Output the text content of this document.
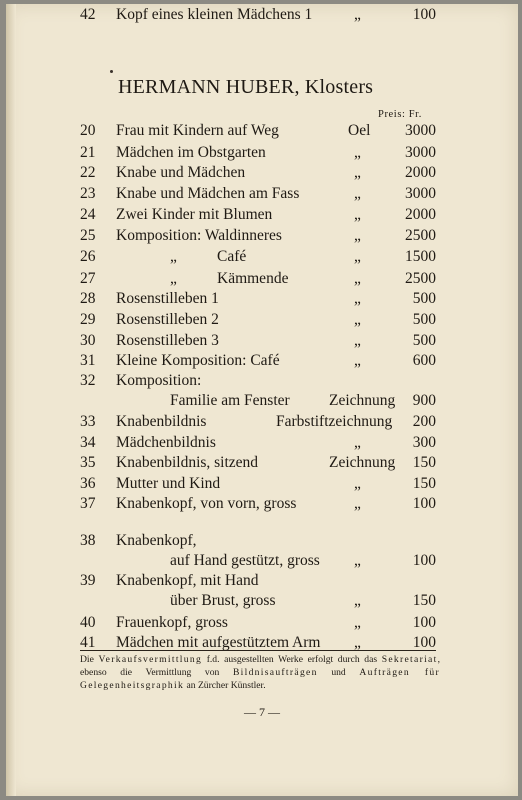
HERMANN HUBER, Klosters
Preis: Fr.
20	Frau mit Kindern auf Weg	Oel 3000
21	Mädchen im Obstgarten	„	3000
22	Knabe und Mädchen	„	2000
23	Knabe und Mädchen am Fass	„	3000
24	Zwei Kinder mit Blumen	„	2000
25	Komposition: Waldinneres	„	2500
26	„	Café	„	1500
27	„	Kämmende	„	2500
28	Rosenstilleben 1	„	500
29	Rosenstilleben 2	„	500
30	Rosenstilleben 3	„	500
31	Kleine Komposition: Café	„	600
32	Komposition:
Familie am Fenster	Zeichnung 900
33	Knabenbildnis	Farbstiftzeichnung 200
34	Mädchenbildnis	„	300
35	Knabenbildnis, sitzend	Zeichnung 150
36	Mutter und Kind	„	150
37	Knabenkopf, von vorn, gross	„	100
38	Knabenkopf,
auf Hand gestützt, gross „	100
39	Knabenkopf, mit Hand
über Brust, gross	„	150
40	Frauenkopf, gross	„	100
41	Mädchen mit aufgestütztem Arm „	100
42	Kopf eines kleinen Mädchens 1	„	100

Die Verkaufsvermittlung f.d. ausgestellten Werke erfolgt durch das Sekretariat, ebenso die Vermittlung von Bildnisaufträgen und Aufträgen für Gelegenheitsgraphik an Zürcher Künstler.

— 7 —
